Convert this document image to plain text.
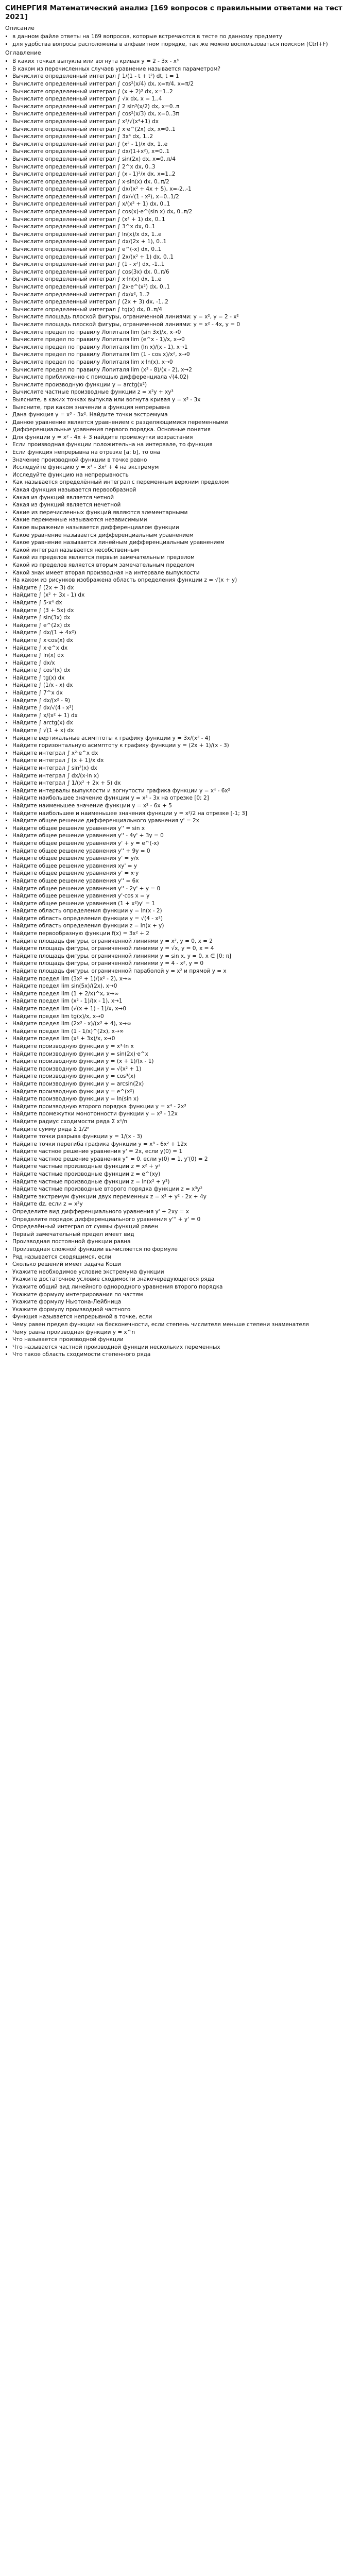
СИНЕРГИЯ Математический анализ [169 вопросов с правильными ответами на тест 2021]
Описание
• в данном файле ответы на 169 вопросов, которые встречаются в тесте по данному предмету
• для удобства вопросы расположены в алфавитном порядке, так же можно воспользоваться поиском (Ctrl+F)
Оглавление
• В каких точках выпукла или вогнута кривая y = 2 - 3x - x³
• В каком из перечисленных случаев уравнение называется параметром?
• Вычислите определенный интеграл ∫ 1/(1 - t + t²) dt, t = 1
• Вычислите определенный интеграл ∫ cos²(x/4) dx, x=π/4, x=π/2
• Вычислите определенный интеграл ∫ (x + 2)³ dx, x=1..2
• Вычислите определенный интеграл ∫ √x dx, x = 1..4
• Вычислите определенный интеграл ∫ 2 sin³(x/2) dx, x=0..π
• Вычислите определенный интеграл ∫ cos²(x/3) dx, x=0..3π
• Вычислите определенный интеграл ∫ x³/√(x⁴+1) dx
• Вычислите определенный интеграл ∫ x·e^(2x) dx, x=0..1
• Вычислите определенный интеграл ∫ 3x⁴ dx, 1..2
• Вычислите определенный интеграл ∫ (x² - 1)/x dx, 1..e
• Вычислите определенный интеграл ∫ dx/(1+x²), x=0..1
• Вычислите определенный интеграл ∫ sin(2x) dx, x=0..π/4
• Вычислите определенный интеграл ∫ 2^x dx, 0..3
• Вычислите определенный интеграл ∫ (x - 1)²/x dx, x=1..2
• Вычислите определенный интеграл ∫ x·sin(x) dx, 0..π/2
• Вычислите определенный интеграл ∫ dx/(x² + 4x + 5), x=-2..-1
• Вычислите определенный интеграл ∫ dx/√(1 - x²), x=0..1/2
• Вычислите определенный интеграл ∫ x/(x² + 1) dx, 0..1
• Вычислите определенный интеграл ∫ cos(x)·e^(sin x) dx, 0..π/2
• Вычислите определенный интеграл ∫ (x³ + 1) dx, 0..1
• Вычислите определенный интеграл ∫ 3^x dx, 0..1
• Вычислите определенный интеграл ∫ ln(x)/x dx, 1..e
• Вычислите определенный интеграл ∫ dx/(2x + 1), 0..1
• Вычислите определенный интеграл ∫ e^(-x) dx, 0..1
• Вычислите определенный интеграл ∫ 2x/(x² + 1) dx, 0..1
• Вычислите определенный интеграл ∫ (1 - x²) dx, -1..1
• Вычислите определенный интеграл ∫ cos(3x) dx, 0..π/6
• Вычислите определенный интеграл ∫ x·ln(x) dx, 1..e
• Вычислите определенный интеграл ∫ 2x·e^(x²) dx, 0..1
• Вычислите определенный интеграл ∫ dx/x², 1..2
• Вычислите определенный интеграл ∫ (2x + 3) dx, -1..2
• Вычислите определенный интеграл ∫ tg(x) dx, 0..π/4
• Вычислите площадь плоской фигуры, ограниченной линиями: y = x², y = 2 - x²
• Вычислите площадь плоской фигуры, ограниченной линиями: y = x² - 4x, y = 0
• Вычислите предел по правилу Лопиталя lim (sin 3x)/x, x→0
• Вычислите предел по правилу Лопиталя lim (e^x - 1)/x, x→0
• Вычислите предел по правилу Лопиталя lim (ln x)/(x - 1), x→1
• Вычислите предел по правилу Лопиталя lim (1 - cos x)/x², x→0
• Вычислите предел по правилу Лопиталя lim x·ln(x), x→0
• Вычислите предел по правилу Лопиталя lim (x³ - 8)/(x - 2), x→2
• Вычислите приближенно с помощью дифференциала √(4,02)
• Вычислите производную функции y = arctg(x²)
• Вычислите частные производные функции z = x²y + xy³
• Выясните, в каких точках выпукла или вогнута кривая y = x³ - 3x
• Выясните, при каком значении a функция непрерывна
• Дана функция y = x³ - 3x². Найдите точки экстремума
• Данное уравнение является уравнением с разделяющимися переменными
• Дифференциальные уравнения первого порядка. Основные понятия
• Для функции y = x² - 4x + 3 найдите промежутки возрастания
• Если производная функции положительна на интервале, то функция
• Если функция непрерывна на отрезке [a; b], то она
• Значение производной функции в точке равно
• Исследуйте функцию y = x³ - 3x² + 4 на экстремум
• Исследуйте функцию на непрерывность
• Как называется определённый интеграл с переменным верхним пределом
• Какая функция называется первообразной
• Какая из функций является четной
• Какая из функций является нечетной
• Какие из перечисленных функций являются элементарными
• Какие переменные называются независимыми
• Какое выражение называется дифференциалом функции
• Какое уравнение называется дифференциальным уравнением
• Какое уравнение называется линейным дифференциальным уравнением
• Какой интеграл называется несобственным
• Какой из пределов является первым замечательным пределом
• Какой из пределов является вторым замечательным пределом
• Какой знак имеет вторая производная на интервале выпуклости
• На каком из рисунков изображена область определения функции z = √(x + y)
• Найдите ∫ (2x + 3) dx
• Найдите ∫ (x² + 3x - 1) dx
• Найдите ∫ 5·x⁴ dx
• Найдите ∫ (3 + 5x) dx
• Найдите ∫ sin(3x) dx
• Найдите ∫ e^(2x) dx
• Найдите ∫ dx/(1 + 4x²)
• Найдите ∫ x·cos(x) dx
• Найдите ∫ x·e^x dx
• Найдите ∫ ln(x) dx
• Найдите ∫ dx/x
• Найдите ∫ cos²(x) dx
• Найдите ∫ tg(x) dx
• Найдите ∫ (1/x - x) dx
• Найдите ∫ 7^x dx
• Найдите ∫ dx/(x² - 9)
• Найдите ∫ dx/√(4 - x²)
• Найдите ∫ x/(x² + 1) dx
• Найдите ∫ arctg(x) dx
• Найдите ∫ √(1 + x) dx
• Найдите вертикальные асимптоты к графику функции y = 3x/(x² - 4)
• Найдите горизонтальную асимптоту к графику функции y = (2x + 1)/(x - 3)
• Найдите интеграл ∫ x²·e^x dx
• Найдите интеграл ∫ (x + 1)/x dx
• Найдите интеграл ∫ sin²(x) dx
• Найдите интеграл ∫ dx/(x·ln x)
• Найдите интеграл ∫ 1/(x² + 2x + 5) dx
• Найдите интервалы выпуклости и вогнутости графика функции y = x⁴ - 6x²
• Найдите наибольшее значение функции y = x³ - 3x на отрезке [0; 2]
• Найдите наименьшее значение функции y = x² - 6x + 5
• Найдите наибольшее и наименьшее значения функции y = x²/2 на отрезке [-1; 3]
• Найдите общее решение дифференциального уравнения y' = 2x
• Найдите общее решение уравнения y'' = sin x
• Найдите общее решение уравнения y'' - 4y' + 3y = 0
• Найдите общее решение уравнения y' + y = e^(-x)
• Найдите общее решение уравнения y'' + 9y = 0
• Найдите общее решение уравнения y' = y/x
• Найдите общее решение уравнения xy' = y
• Найдите общее решение уравнения y' = x·y
• Найдите общее решение уравнения y'' = 6x
• Найдите общее решение уравнения y'' - 2y' + y = 0
• Найдите общее решение уравнения y'·cos x = y
• Найдите общее решение уравнения (1 + x²)y' = 1
• Найдите область определения функции y = ln(x - 2)
• Найдите область определения функции y = √(4 - x²)
• Найдите область определения функции z = ln(x + y)
• Найдите первообразную функции f(x) = 3x² + 2
• Найдите площадь фигуры, ограниченной линиями y = x², y = 0, x = 2
• Найдите площадь фигуры, ограниченной линиями y = √x, y = 0, x = 4
• Найдите площадь фигуры, ограниченной линиями y = sin x, y = 0, x ∈ [0; π]
• Найдите площадь фигуры, ограниченной линиями y = 4 - x², y = 0
• Найдите площадь фигуры, ограниченной параболой y = x² и прямой y = x
• Найдите предел lim (3x² + 1)/(x² - 2), x→∞
• Найдите предел lim sin(5x)/(2x), x→0
• Найдите предел lim (1 + 2/x)^x, x→∞
• Найдите предел lim (x² - 1)/(x - 1), x→1
• Найдите предел lim (√(x + 1) - 1)/x, x→0
• Найдите предел lim tg(x)/x, x→0
• Найдите предел lim (2x³ - x)/(x³ + 4), x→∞
• Найдите предел lim (1 - 1/x)^(2x), x→∞
• Найдите предел lim (x² + 3x)/x, x→0
• Найдите производную функции y = x³·ln x
• Найдите производную функции y = sin(2x)·e^x
• Найдите производную функции y = (x + 1)/(x - 1)
• Найдите производную функции y = √(x² + 1)
• Найдите производную функции y = cos³(x)
• Найдите производную функции y = arcsin(2x)
• Найдите производную функции y = e^(x²)
• Найдите производную функции y = ln(sin x)
• Найдите производную второго порядка функции y = x⁴ - 2x³
• Найдите промежутки монотонности функции y = x³ - 12x
• Найдите радиус сходимости ряда Σ xⁿ/n
• Найдите сумму ряда Σ 1/2ⁿ
• Найдите точки разрыва функции y = 1/(x - 3)
• Найдите точки перегиба графика функции y = x³ - 6x² + 12x
• Найдите частное решение уравнения y' = 2x, если y(0) = 1
• Найдите частное решение уравнения y'' = 0, если y(0) = 1, y'(0) = 2
• Найдите частные производные функции z = x² + y²
• Найдите частные производные функции z = e^(xy)
• Найдите частные производные функции z = ln(x² + y²)
• Найдите частные производные второго порядка функции z = x³y²
• Найдите экстремум функции двух переменных z = x² + y² - 2x + 4y
• Найдите dz, если z = x²y
• Определите вид дифференциального уравнения y' + 2xy = x
• Определите порядок дифференциального уравнения y''' + y' = 0
• Определённый интеграл от суммы функций равен
• Первый замечательный предел имеет вид
• Производная постоянной функции равна
• Производная сложной функции вычисляется по формуле
• Ряд называется сходящимся, если
• Сколько решений имеет задача Коши
• Укажите необходимое условие экстремума функции
• Укажите достаточное условие сходимости знакочередующегося ряда
• Укажите общий вид линейного однородного уравнения второго порядка
• Укажите формулу интегрирования по частям
• Укажите формулу Ньютона-Лейбница
• Укажите формулу производной частного
• Функция называется непрерывной в точке, если
• Чему равен предел функции на бесконечности, если степень числителя меньше степени знаменателя
• Чему равна производная функции y = x^n
• Что называется производной функции
• Что называется частной производной функции нескольких переменных
• Что такое область сходимости степенного ряда
